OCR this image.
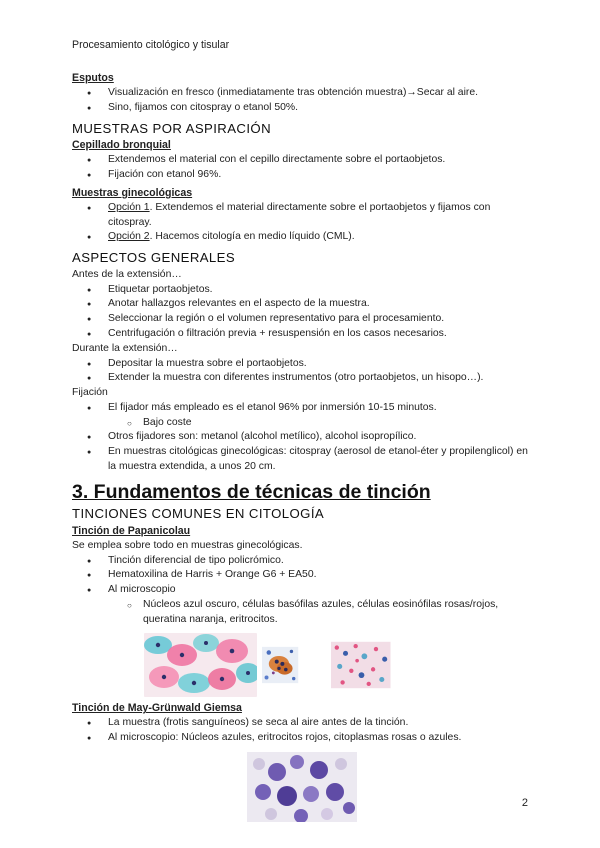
Procesamiento citológico y tisular

Esputos

● Visualización en fresco (inmediatamente tras obtención muestra)→Secar al aire.
● Sino, fijamos con citospray o etanol 50%.
MUESTRAS POR ASPIRACIÓN

Cepillado bronquial

● Extendemos el material con el cepillo directamente sobre el portaobjetos.
● Fijación con etanol 96%.

Muestras ginecológicas

● Opción 1. Extendemos el material directamente sobre el portaobjetos y fijamos con citospray.
● Opción 2. Hacemos citología en medio líquido (CML).
ASPECTOS GENERALES

Antes de la extensión…

● Etiquetar portaobjetos.
● Anotar hallazgos relevantes en el aspecto de la muestra.
● Seleccionar la región o el volumen representativo para el procesamiento.
● Centrifugación o filtración previa + resuspensión en los casos necesarios.

Durante la extensión…

● Depositar la muestra sobre el portaobjetos.
● Extender la muestra con diferentes instrumentos (otro portaobjetos, un hisopo…).

Fijación

● El fijador más empleado es el etanol 96% por inmersión 10-15 minutos.
○ Bajo coste
● Otros fijadores son: metanol (alcohol metílico), alcohol isopropílico.
● En muestras citológicas ginecológicas: citospray (aerosol de etanol-éter y propilenglicol) en la muestra extendida, a unos 20 cm.
3. Fundamentos de técnicas de tinción
TINCIONES COMUNES EN CITOLOGÍA

Tinción de Papanicolau

Se emplea sobre todo en muestras ginecológicas.

● Tinción diferencial de tipo policrómico.
● Hematoxilina de Harris + Orange G6 + EA50.
● Al microscopio
○ Núcleos azul oscuro, células basófilas azules, células eosinófilas rosas/rojos, queratina naranja, eritrocitos.

Tinción de May-Grünwald Giemsa

● La muestra (frotis sanguíneos) se seca al aire antes de la tinción.
● Al microscopio: Núcleos azules, eritrocitos rojos, citoplasmas rosas o azules.
2
